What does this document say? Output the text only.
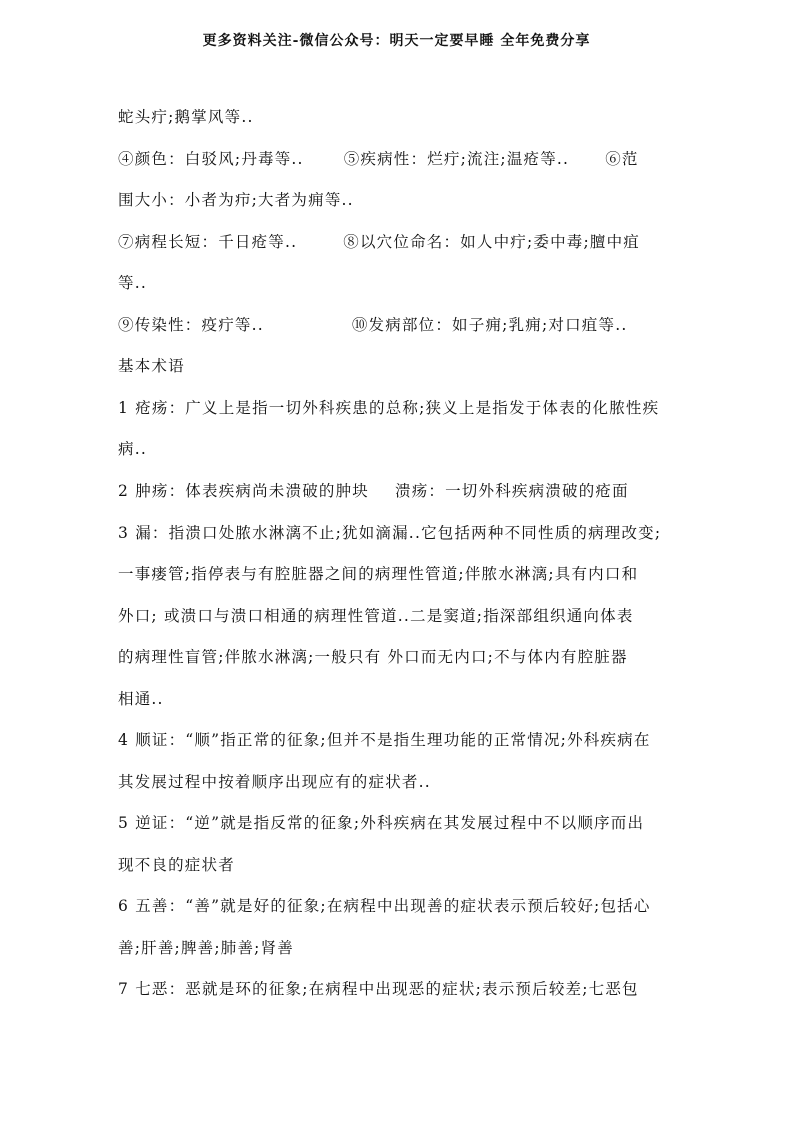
更多资料关注-微信公众号：明天一定要早睡 全年免费分享
蛇头疔;鹅掌风等..
④颜色：白驳风;丹毒等..	⑤疾病性：烂疔;流注;温疮等.. ⑥范
围大小：小者为疖;大者为痈等..
⑦病程长短：千日疮等..	⑧以穴位命名：如人中疔;委中毒;膻中疽
等..
⑨传染性：疫疔等..	⑩发病部位：如子痈;乳痈;对口疽等..
基本术语
1 疮疡：广义上是指一切外科疾患的总称;狭义上是指发于体表的化脓性疾
病..
2 肿疡：体表疾病尚未溃破的肿块 溃疡：一切外科疾病溃破的疮面
3 漏：指溃口处脓水淋漓不止;犹如滴漏..它包括两种不同性质的病理改变;
一事瘘管;指停表与有腔脏器之间的病理性管道;伴脓水淋漓;具有内口和
外口; 或溃口与溃口相通的病理性管道..二是窦道;指深部组织通向体表
的病理性盲管;伴脓水淋漓;一般只有 外口而无内口;不与体内有腔脏器
相通..
4 顺证：“顺”指正常的征象;但并不是指生理功能的正常情况;外科疾病在
其发展过程中按着顺序出现应有的症状者..
5 逆证：“逆”就是指反常的征象;外科疾病在其发展过程中不以顺序而出
现不良的症状者
6 五善：“善”就是好的征象;在病程中出现善的症状表示预后较好;包括心
善;肝善;脾善;肺善;肾善
7 七恶：恶就是环的征象;在病程中出现恶的症状;表示预后较差;七恶包
